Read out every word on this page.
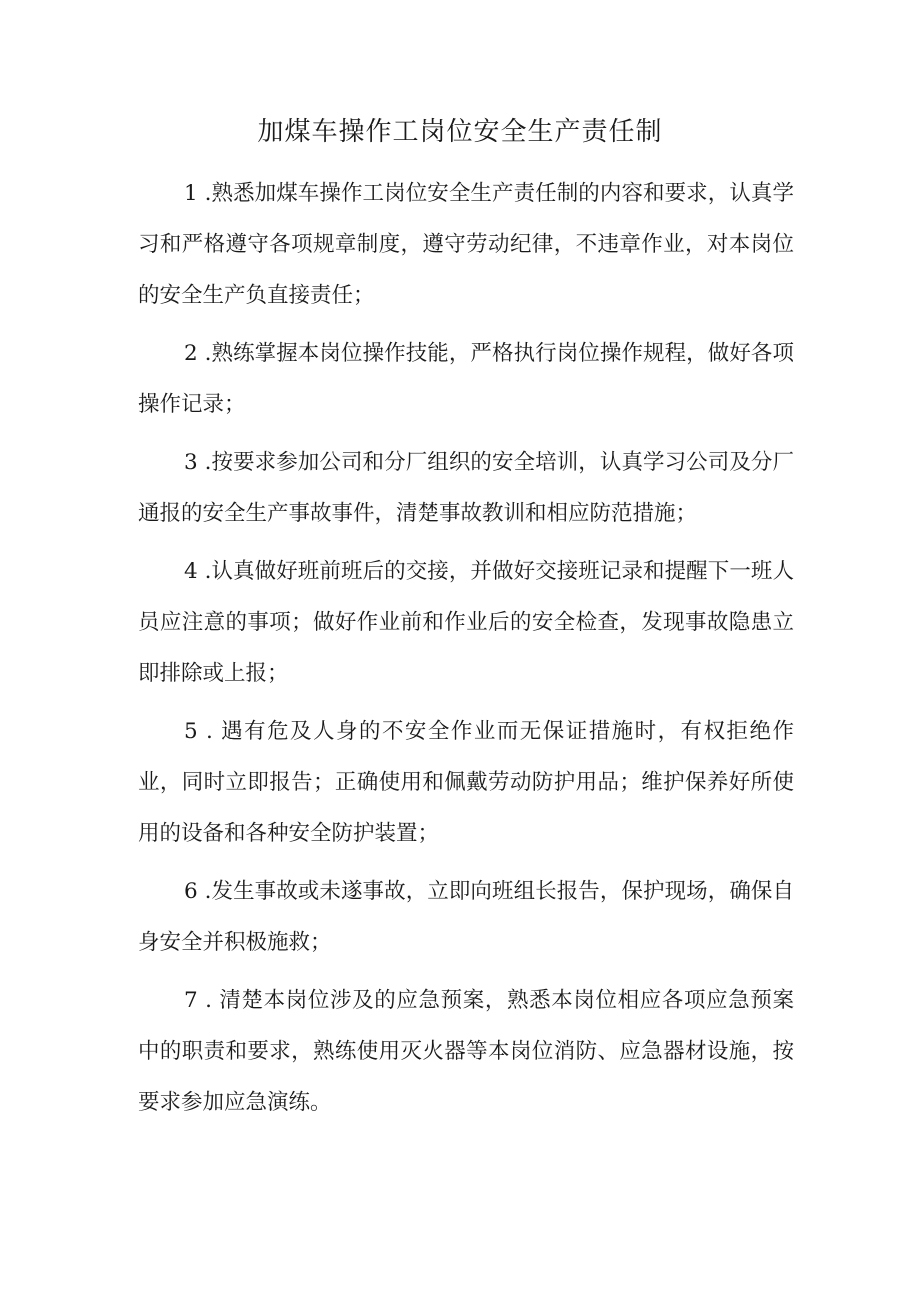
加煤车操作工岗位安全生产责任制

1 .熟悉加煤车操作工岗位安全生产责任制的内容和要求，认真学习和严格遵守各项规章制度，遵守劳动纪律，不违章作业，对本岗位的安全生产负直接责任；

2 .熟练掌握本岗位操作技能，严格执行岗位操作规程，做好各项操作记录；

3 .按要求参加公司和分厂组织的安全培训，认真学习公司及分厂通报的安全生产事故事件，清楚事故教训和相应防范措施；

4 .认真做好班前班后的交接，并做好交接班记录和提醒下一班人员应注意的事项；做好作业前和作业后的安全检查，发现事故隐患立即排除或上报；

5 . 遇有危及人身的不安全作业而无保证措施时，有权拒绝作业，同时立即报告；正确使用和佩戴劳动防护用品；维护保养好所使用的设备和各种安全防护装置；

6 .发生事故或未遂事故，立即向班组长报告，保护现场，确保自身安全并积极施救；

7 . 清楚本岗位涉及的应急预案，熟悉本岗位相应各项应急预案中的职责和要求，熟练使用灭火器等本岗位消防、应急器材设施，按要求参加应急演练。
